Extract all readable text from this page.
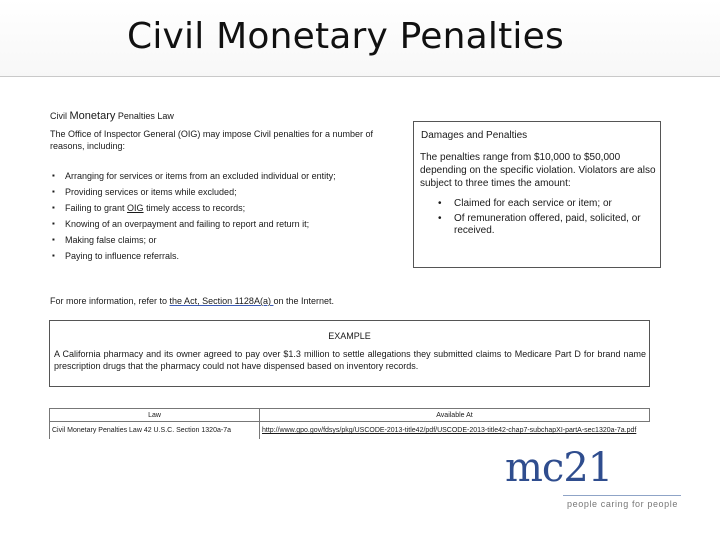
Civil Monetary Penalties
Civil Monetary Penalties Law
The Office of Inspector General (OIG) may impose Civil penalties for a number of reasons, including:
▪ Arranging for services or items from an excluded individual or entity;
▪ Providing services or items while excluded;
▪ Failing to grant OIG timely access to records;
▪ Knowing of an overpayment and failing to report and return it;
▪ Making false claims; or
▪ Paying to influence referrals.
Damages and Penalties
The penalties range from $10,000 to $50,000 depending on the specific violation. Violators are also subject to three times the amount:
• Claimed for each service or item; or
• Of remuneration offered, paid, solicited, or received.
For more information, refer to the Act, Section 1128A(a) on the Internet.
EXAMPLE
A California pharmacy and its owner agreed to pay over $1.3 million to settle allegations they submitted claims to Medicare Part D for brand name prescription drugs that the pharmacy could not have dispensed based on inventory records.
Law	Available At
Civil Monetary Penalties Law 42 U.S.C. Section 1320a-7a	http://www.gpo.gov/fdsys/pkg/USCODE-2013-title42/pdf/USCODE-2013-title42-chap7-subchapXI-partA-sec1320a-7a.pdf
mc21
people caring for people
